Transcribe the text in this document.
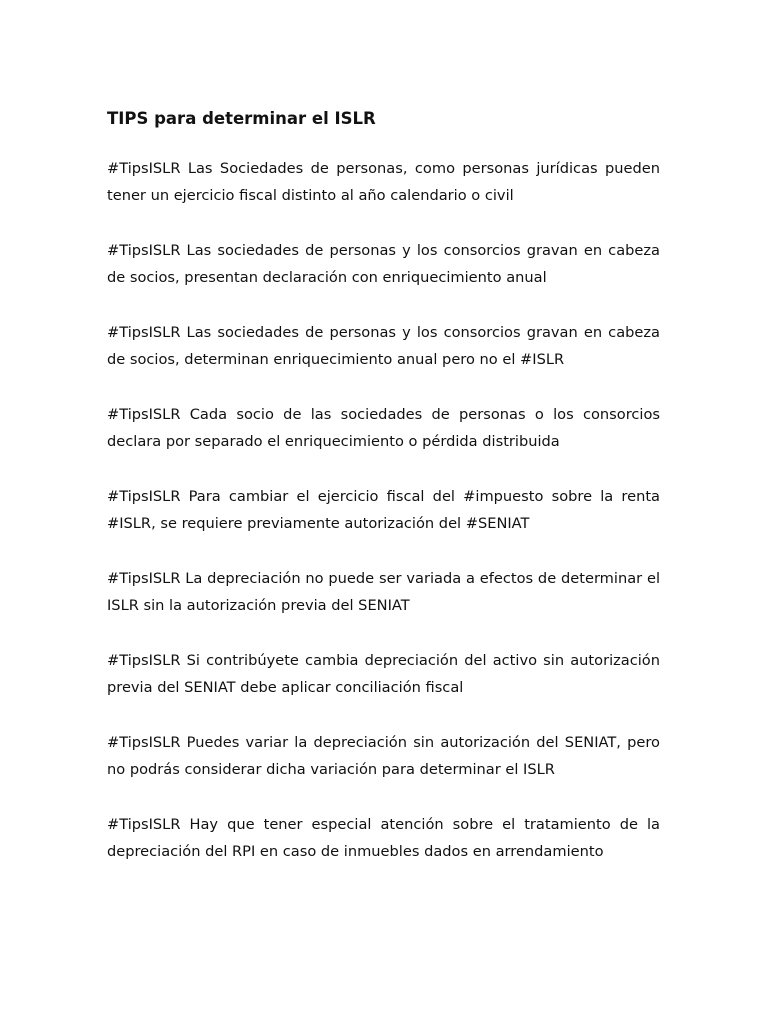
TIPS para determinar el ISLR
#TipsISLR Las Sociedades de personas, como personas jurídicas pueden tener un ejercicio fiscal distinto al año calendario o civil
#TipsISLR Las sociedades de personas y los consorcios gravan en cabeza de socios, presentan declaración con enriquecimiento anual
#TipsISLR Las sociedades de personas y los consorcios gravan en cabeza de socios, determinan enriquecimiento anual pero no el #ISLR
#TipsISLR Cada socio de las sociedades de personas o los consorcios declara por separado el enriquecimiento o pérdida distribuida
#TipsISLR Para cambiar el ejercicio fiscal del #impuesto sobre la renta #ISLR, se requiere previamente autorización del #SENIAT
#TipsISLR La depreciación no puede ser variada a efectos de determinar el ISLR sin la autorización previa del SENIAT
#TipsISLR Si contribúyete cambia depreciación del activo sin autorización previa del SENIAT debe aplicar conciliación fiscal
#TipsISLR Puedes variar la depreciación sin autorización del SENIAT, pero no podrás considerar dicha variación para determinar el ISLR
#TipsISLR Hay que tener especial atención sobre el tratamiento de la depreciación del RPI en caso de inmuebles dados en arrendamiento
